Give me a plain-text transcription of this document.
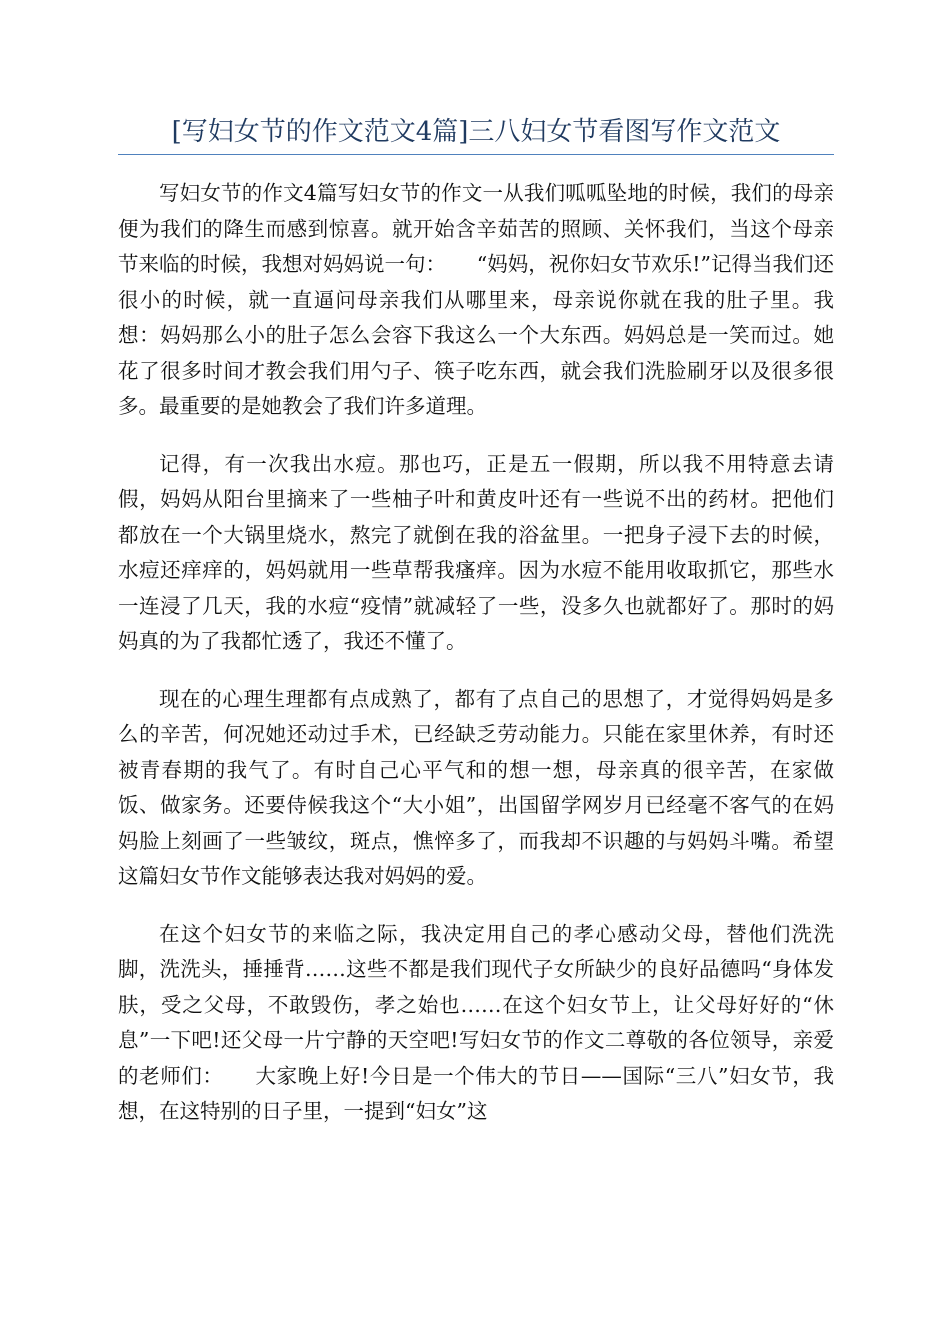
[写妇女节的作文范文4篇]三八妇女节看图写作文范文

写妇女节的作文4篇写妇女节的作文一从我们呱呱坠地的时候，我们的母亲便为我们的降生而感到惊喜。就开始含辛茹苦的照顾、关怀我们，当这个母亲节来临的时候，我想对妈妈说一句：　　“妈妈，祝你妇女节欢乐!”记得当我们还很小的时候，就一直逼问母亲我们从哪里来，母亲说你就在我的肚子里。我想：妈妈那么小的肚子怎么会容下我这么一个大东西。妈妈总是一笑而过。她花了很多时间才教会我们用勺子、筷子吃东西，就会我们洗脸刷牙以及很多很多。最重要的是她教会了我们许多道理。

记得，有一次我出水痘。那也巧，正是五一假期，所以我不用特意去请假，妈妈从阳台里摘来了一些柚子叶和黄皮叶还有一些说不出的药材。把他们都放在一个大锅里烧水，熬完了就倒在我的浴盆里。一把身子浸下去的时候，水痘还痒痒的，妈妈就用一些草帮我瘙痒。因为水痘不能用收取抓它，那些水一连浸了几天，我的水痘“疫情”就减轻了一些，没多久也就都好了。那时的妈妈真的为了我都忙透了，我还不懂了。

现在的心理生理都有点成熟了，都有了点自己的思想了，才觉得妈妈是多么的辛苦，何况她还动过手术，已经缺乏劳动能力。只能在家里休养，有时还被青春期的我气了。有时自己心平气和的想一想，母亲真的很辛苦，在家做饭、做家务。还要侍候我这个“大小姐”，出国留学网岁月已经毫不客气的在妈妈脸上刻画了一些皱纹，斑点，憔悴多了，而我却不识趣的与妈妈斗嘴。希望这篇妇女节作文能够表达我对妈妈的爱。

在这个妇女节的来临之际，我决定用自己的孝心感动父母，替他们洗洗脚，洗洗头，捶捶背……这些不都是我们现代子女所缺少的良好品德吗“身体发肤，受之父母，不敢毁伤，孝之始也……在这个妇女节上，让父母好好的“休息”一下吧!还父母一片宁静的天空吧!写妇女节的作文二尊敬的各位领导，亲爱的老师们：　　大家晚上好!今日是一个伟大的节日——国际“三八”妇女节，我想，在这特别的日子里，一提到“妇女”这
